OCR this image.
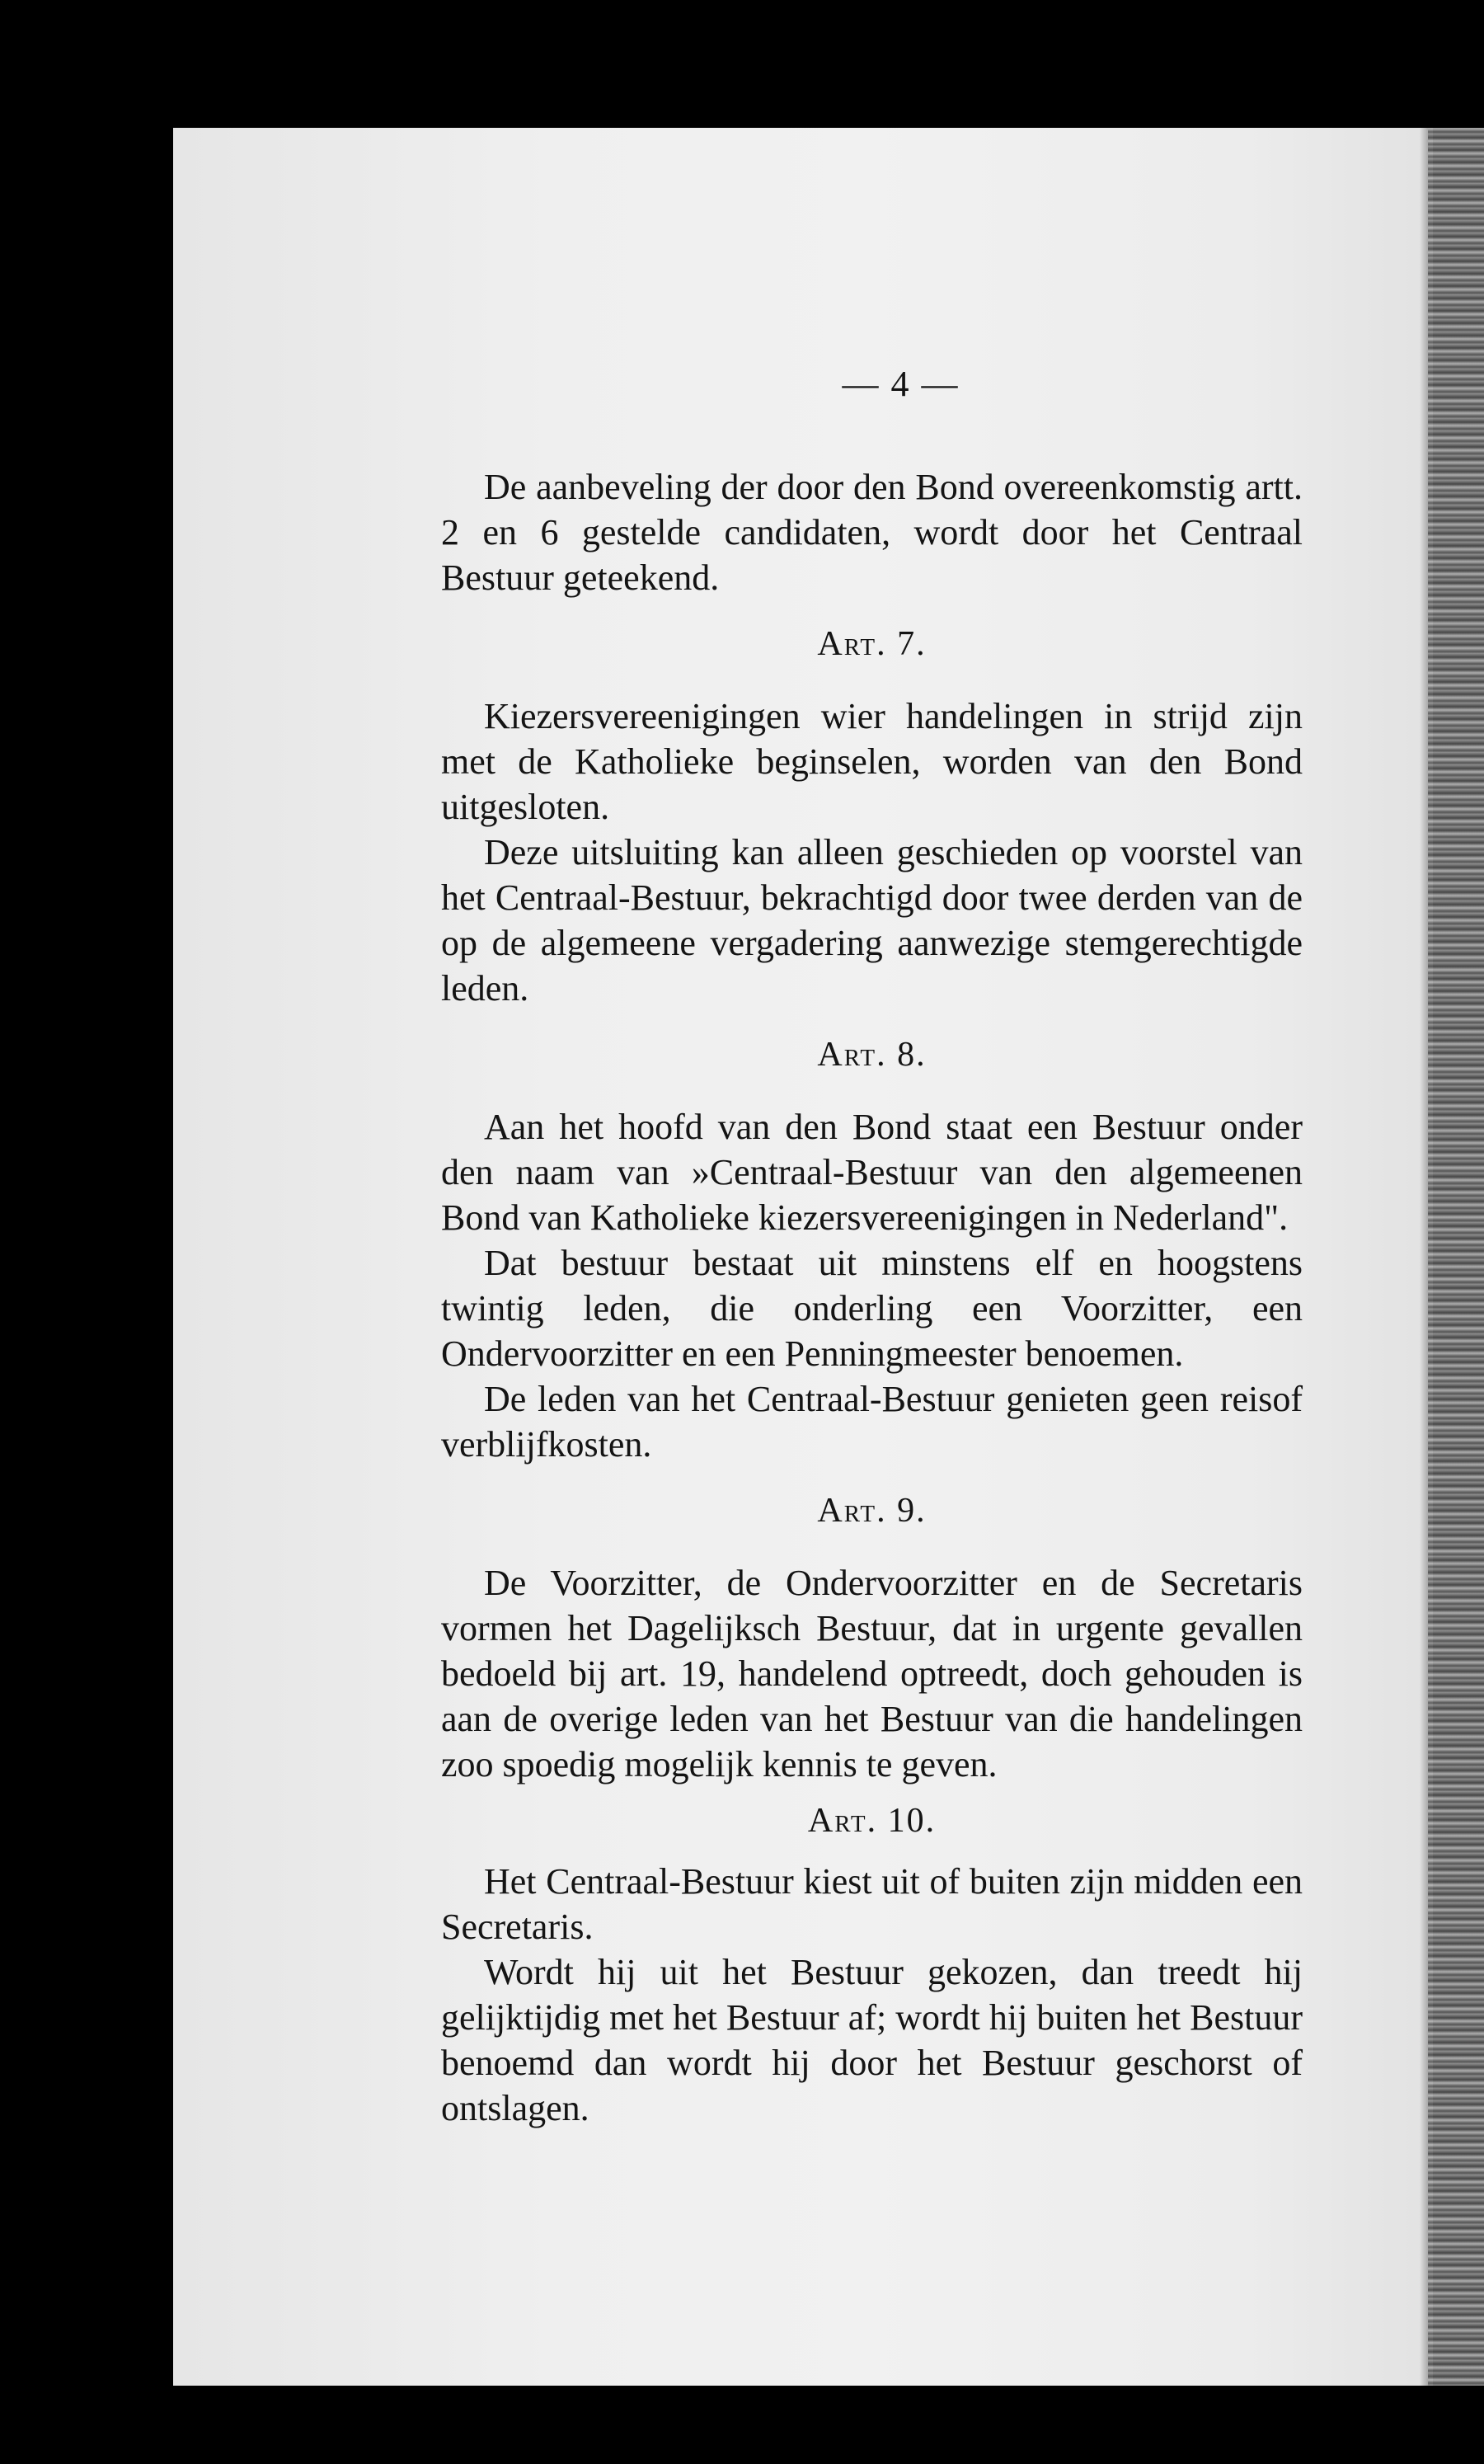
— 4 —

De aanbeveling der door den Bond overeenkomstig artt. 2 en 6 gestelde candidaten, wordt door het Centraal Bestuur geteekend.

Art. 7.

Kiezersvereenigingen wier handelingen in strijd zijn met de Katholieke beginselen, worden van den Bond uitgesloten.

Deze uitsluiting kan alleen geschieden op voorstel van het Centraal-Bestuur, bekrachtigd door twee derden van de op de algemeene vergadering aanwezige stemgerechtigde leden.

Art. 8.

Aan het hoofd van den Bond staat een Bestuur onder den naam van »Centraal-Bestuur van den algemeenen Bond van Katholieke kiezersvereenigingen in Nederland".

Dat bestuur bestaat uit minstens elf en hoogstens twintig leden, die onderling een Voorzitter, een Ondervoorzitter en een Penningmeester benoemen.

De leden van het Centraal-Bestuur genieten geen reisof verblijfkosten.

Art. 9.

De Voorzitter, de Ondervoorzitter en de Secretaris vormen het Dagelijksch Bestuur, dat in urgente gevallen bedoeld bij art. 19, handelend optreedt, doch gehouden is aan de overige leden van het Bestuur van die handelingen zoo spoedig mogelijk kennis te geven.

Art. 10.

Het Centraal-Bestuur kiest uit of buiten zijn midden een Secretaris.

Wordt hij uit het Bestuur gekozen, dan treedt hij gelijktijdig met het Bestuur af; wordt hij buiten het Bestuur benoemd dan wordt hij door het Bestuur geschorst of ontslagen.
